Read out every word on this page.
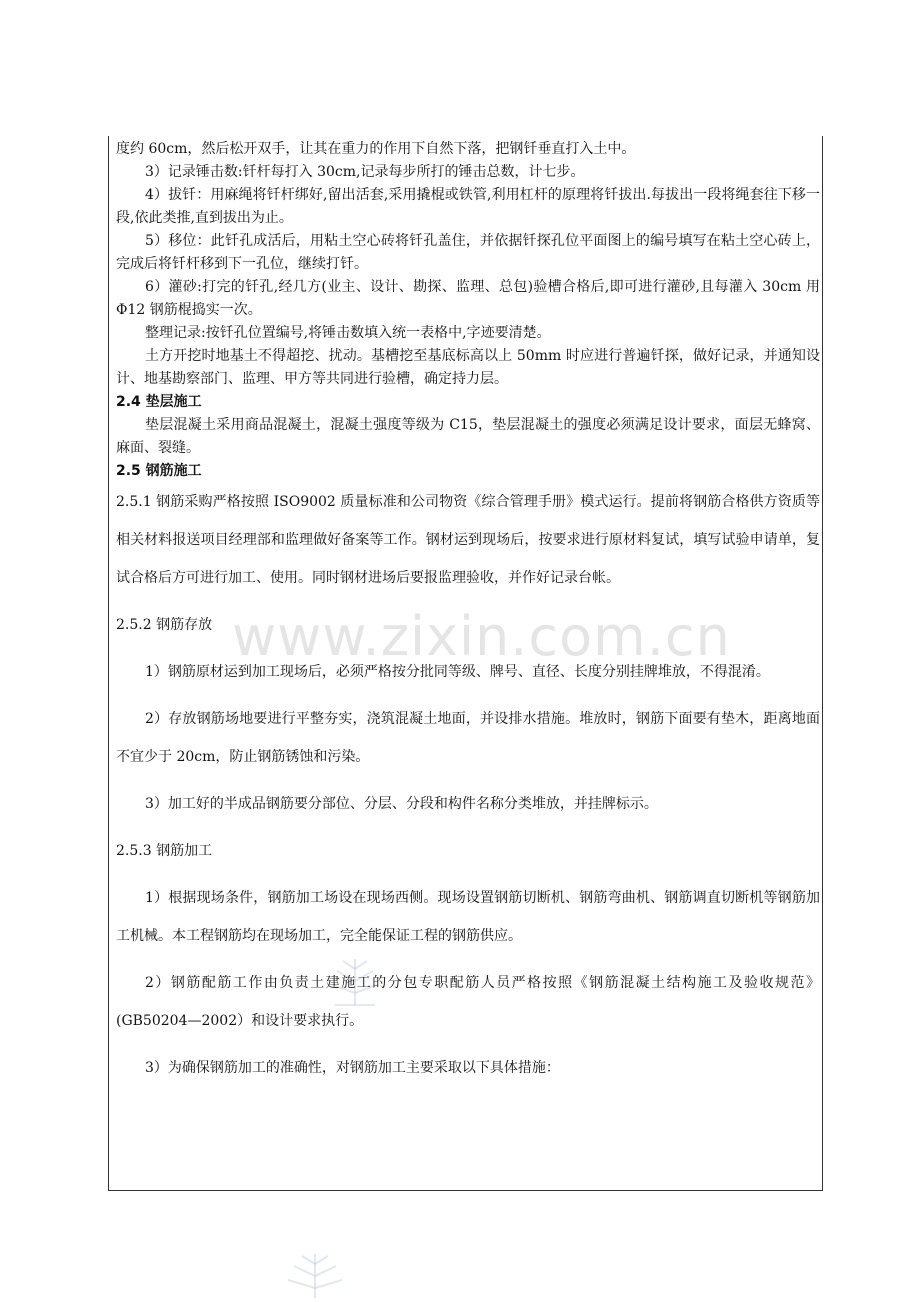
www.zixin.com.cn

度约 60cm，然后松开双手，让其在重力的作用下自然下落，把钢钎垂直打入土中。

3）记录锤击数:钎杆每打入 30cm,记录每步所打的锤击总数，计七步。

4）拔钎：用麻绳将钎杆绑好,留出活套,采用撬棍或铁管,利用杠杆的原理将钎拔出.每拔出一段将绳套往下移一段,依此类推,直到拔出为止。

5）移位：此钎孔成活后，用粘土空心砖将钎孔盖住，并依据钎探孔位平面图上的编号填写在粘土空心砖上，完成后将钎杆移到下一孔位，继续打钎。

6）灌砂:打完的钎孔,经几方(业主、设计、勘探、监理、总包)验槽合格后,即可进行灌砂,且每灌入 30cm 用Φ12 钢筋棍捣实一次。

整理记录:按钎孔位置编号,将锤击数填入统一表格中,字迹要清楚。

土方开挖时地基土不得超挖、扰动。基槽挖至基底标高以上 50mm 时应进行普遍钎探，做好记录，并通知设计、地基勘察部门、监理、甲方等共同进行验槽，确定持力层。

2.4 垫层施工

垫层混凝土采用商品混凝土，混凝土强度等级为 C15，垫层混凝土的强度必须满足设计要求，面层无蜂窝、麻面、裂缝。

2.5 钢筋施工

2.5.1 钢筋采购严格按照 ISO9002 质量标准和公司物资《综合管理手册》模式运行。提前将钢筋合格供方资质等相关材料报送项目经理部和监理做好备案等工作。钢材运到现场后，按要求进行原材料复试，填写试验申请单，复试合格后方可进行加工、使用。同时钢材进场后要报监理验收，并作好记录台帐。

2.5.2 钢筋存放

1）钢筋原材运到加工现场后，必须严格按分批同等级、牌号、直径、长度分别挂牌堆放，不得混淆。

2）存放钢筋场地要进行平整夯实，浇筑混凝土地面，并设排水措施。堆放时，钢筋下面要有垫木，距离地面不宜少于 20cm，防止钢筋锈蚀和污染。

3）加工好的半成品钢筋要分部位、分层、分段和构件名称分类堆放，并挂牌标示。

2.5.3 钢筋加工

1）根据现场条件，钢筋加工场设在现场西侧。现场设置钢筋切断机、钢筋弯曲机、钢筋调直切断机等钢筋加工机械。本工程钢筋均在现场加工，完全能保证工程的钢筋供应。

2）钢筋配筋工作由负责土建施工的分包专职配筋人员严格按照《钢筋混凝土结构施工及验收规范》(GB50204—2002）和设计要求执行。

3）为确保钢筋加工的准确性，对钢筋加工主要采取以下具体措施：
